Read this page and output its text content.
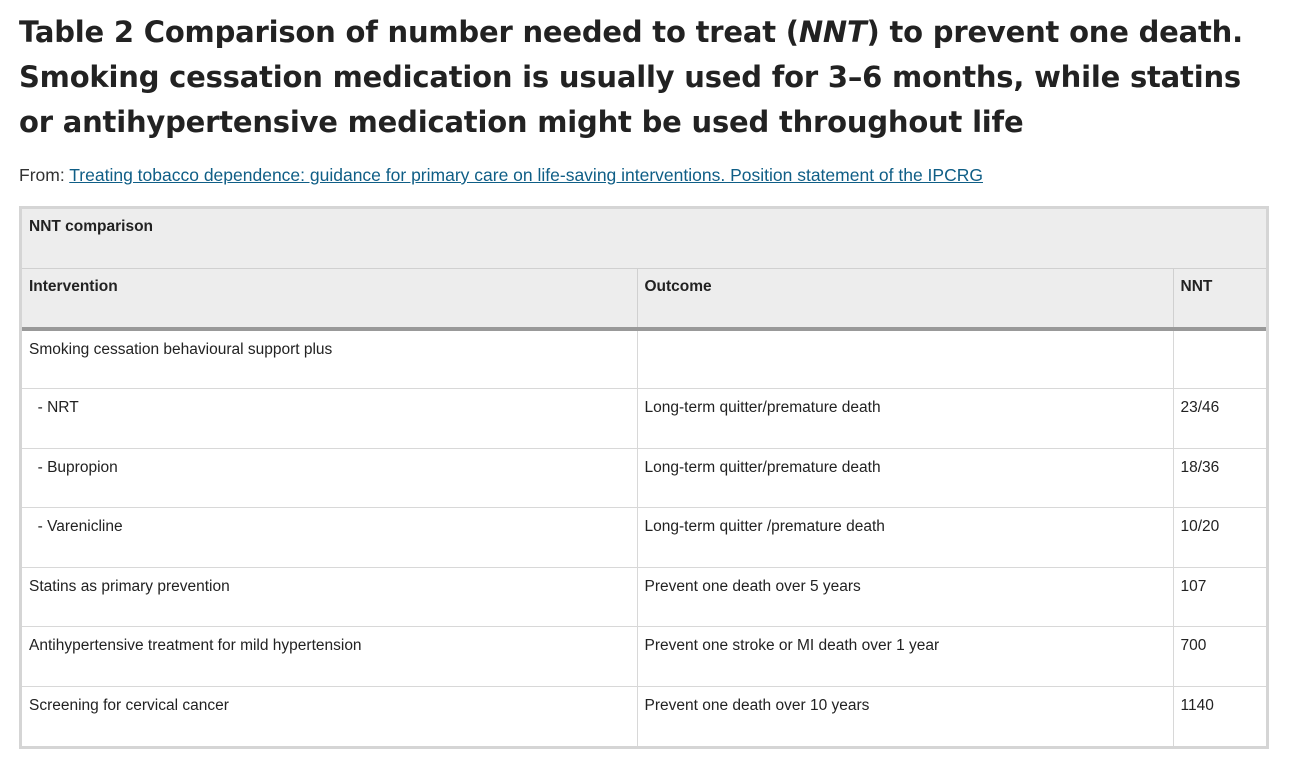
Table 2 Comparison of number needed to treat (NNT) to prevent one death. Smoking cessation medication is usually used for 3–6 months, while statins or antihypertensive medication might be used throughout life
From: Treating tobacco dependence: guidance for primary care on life-saving interventions. Position statement of the IPCRG
NNT comparison		
Intervention	Outcome	NNT
Smoking cessation behavioural support plus		
- NRT	Long-term quitter/premature death	23/46
- Bupropion	Long-term quitter/premature death	18/36
- Varenicline	Long-term quitter /premature death	10/20
Statins as primary prevention	Prevent one death over 5 years	107
Antihypertensive treatment for mild hypertension	Prevent one stroke or MI death over 1 year	700
Screening for cervical cancer	Prevent one death over 10 years	1140
